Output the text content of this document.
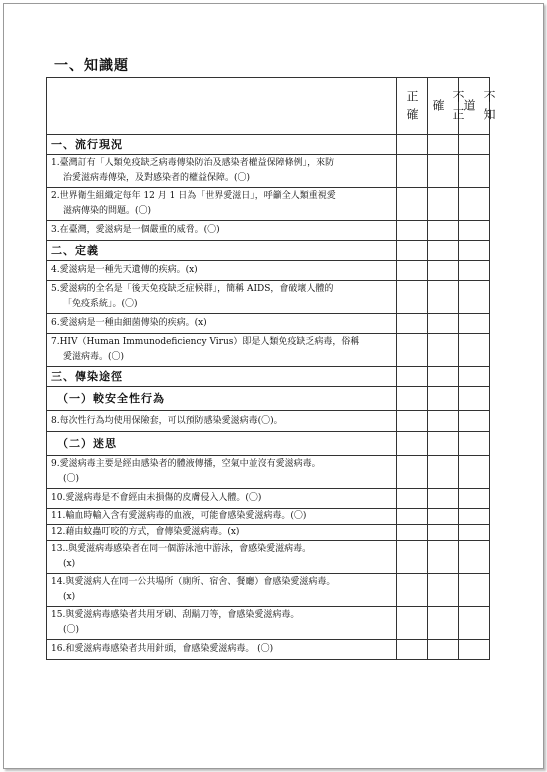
一、知識題
	正確	不正確	不知道
一、流行現況			
1.臺灣訂有「人類免疫缺乏病毒傳染防治及感染者權益保障條例」，來防
治愛滋病毒傳染，及對感染者的權益保障。(〇)			

2.世界衛生組織定每年 12 月 1 日為「世界愛滋日」，呼籲全人類重視愛
滋病傳染的問題。(〇)			

3.在臺灣，愛滋病是一個嚴重的威脅。(〇)			
二、定義			
4.愛滋病是一種先天遺傳的疾病。(x)			
5.愛滋病的全名是「後天免疫缺乏症候群」，簡稱 AIDS，會破壞人體的
「免疫系統」。(〇)			

6.愛滋病是一種由細菌傳染的疾病。(x)			
7.HIV（Human Immunodeficiency Virus）即是人類免疫缺乏病毒，俗稱
愛滋病毒。(〇)			

三、傳染途徑			
（一）較安全性行為			
8.每次性行為均使用保險套，可以預防感染愛滋病毒(〇)。			
（二）迷思			
9.愛滋病毒主要是經由感染者的體液傳播，空氣中並沒有愛滋病毒。
(〇)			

10.愛滋病毒是不會經由未損傷的皮膚侵入人體。(〇)			
11.輸血時輸入含有愛滋病毒的血液，可能會感染愛滋病毒。(〇)			
12.藉由蚊蟲叮咬的方式，會傳染愛滋病毒。(x)			
13..與愛滋病毒感染者在同一個游泳池中游泳，會感染愛滋病毒。
(x)			

14.與愛滋病人在同一公共場所（廁所、宿舍、餐廳）會感染愛滋病毒。
(x)			

15.與愛滋病毒感染者共用牙刷、刮鬍刀等，會感染愛滋病毒。
(〇)			

16.和愛滋病毒感染者共用針頭，會感染愛滋病毒。 (〇)			
